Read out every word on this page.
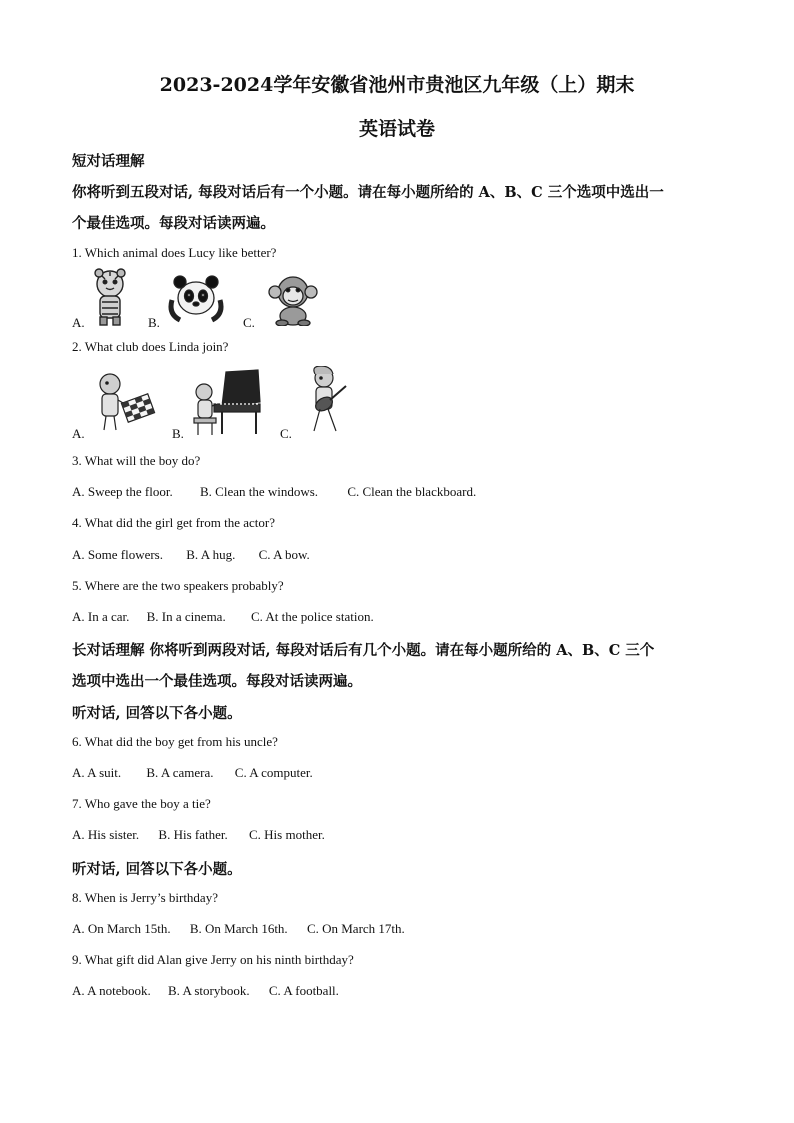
2023-2024学年安徽省池州市贵池区九年级（上）期末
英语试卷
短对话理解
你将听到五段对话, 每段对话后有一个小题。请在每小题所给的 A、B、C 三个选项中选出一
个最佳选项。每段对话读两遍。
1. Which animal does Lucy like better?
A.	B.	C.
2. What club does Linda join?
A.	B.	C.
3. What will the boy do?
A. Sweep the floor. B. Clean the windows. C. Clean the blackboard.
4. What did the girl get from the actor?
A. Some flowers. B. A hug. C. A bow.
5. Where are the two speakers probably?
A. In a car. B. In a cinema. C. At the police station.
长对话理解 你将听到两段对话, 每段对话后有几个小题。请在每小题所给的 A、B、C 三个
选项中选出一个最佳选项。每段对话读两遍。
听对话, 回答以下各小题。
6. What did the boy get from his uncle?
A. A suit. B. A camera. C. A computer.
7. Who gave the boy a tie?
A. His sister. B. His father. C. His mother.
听对话, 回答以下各小题。
8. When is Jerry’s birthday?
A. On March 15th. B. On March 16th. C. On March 17th.
9. What gift did Alan give Jerry on his ninth birthday?
A. A notebook. B. A storybook. C. A football.
